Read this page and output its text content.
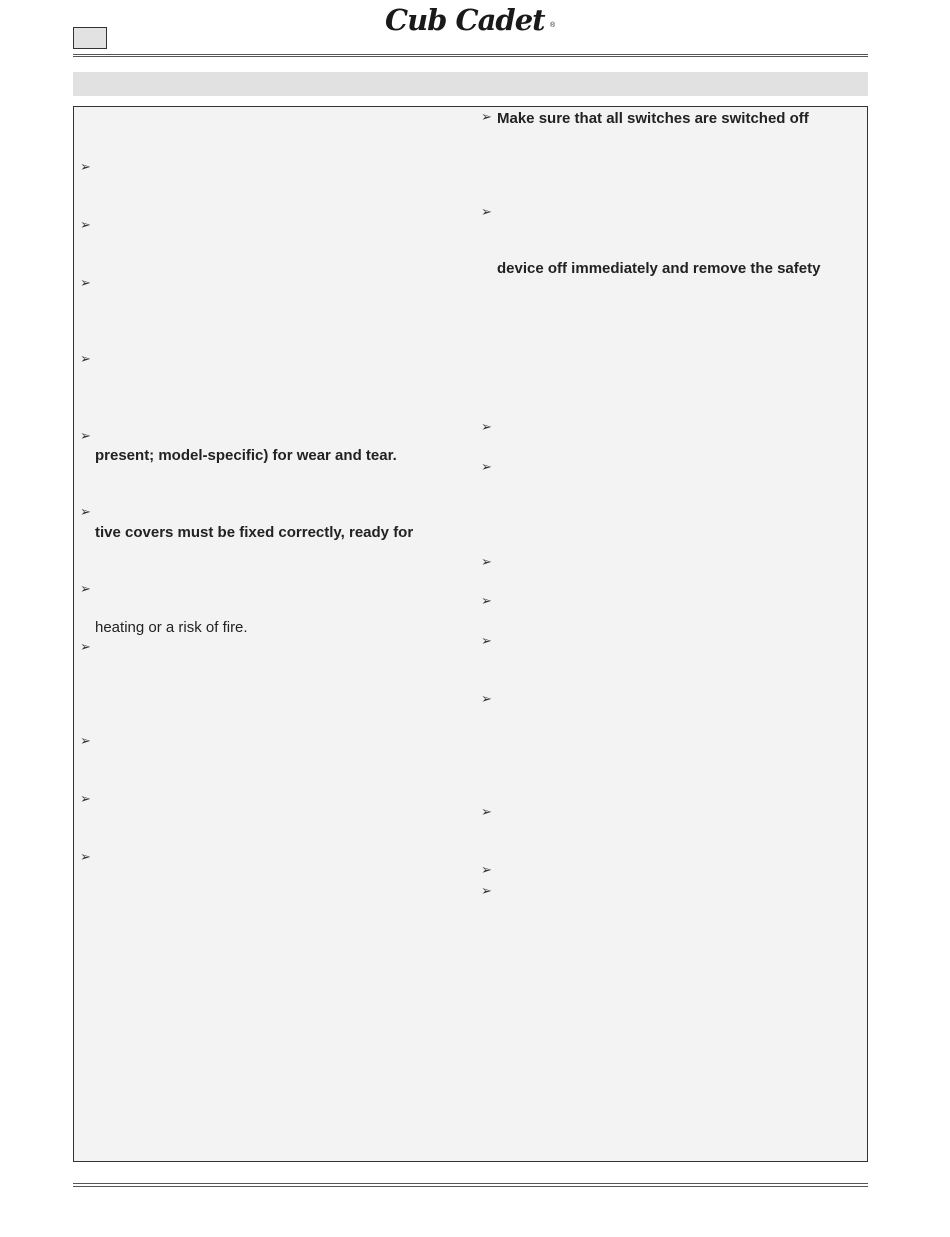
Cub Cadet ®
➢
➢
➢
➢
➢
➢
➢
➢
➢
➢
➢
present; model-specific) for wear and tear.
tive covers must be fixed correctly, ready for
heating or a risk of fire.
➢
➢
➢
➢
➢
➢
➢
➢
➢
➢
➢
Make sure that all switches are switched off
device off immediately and remove the safety
